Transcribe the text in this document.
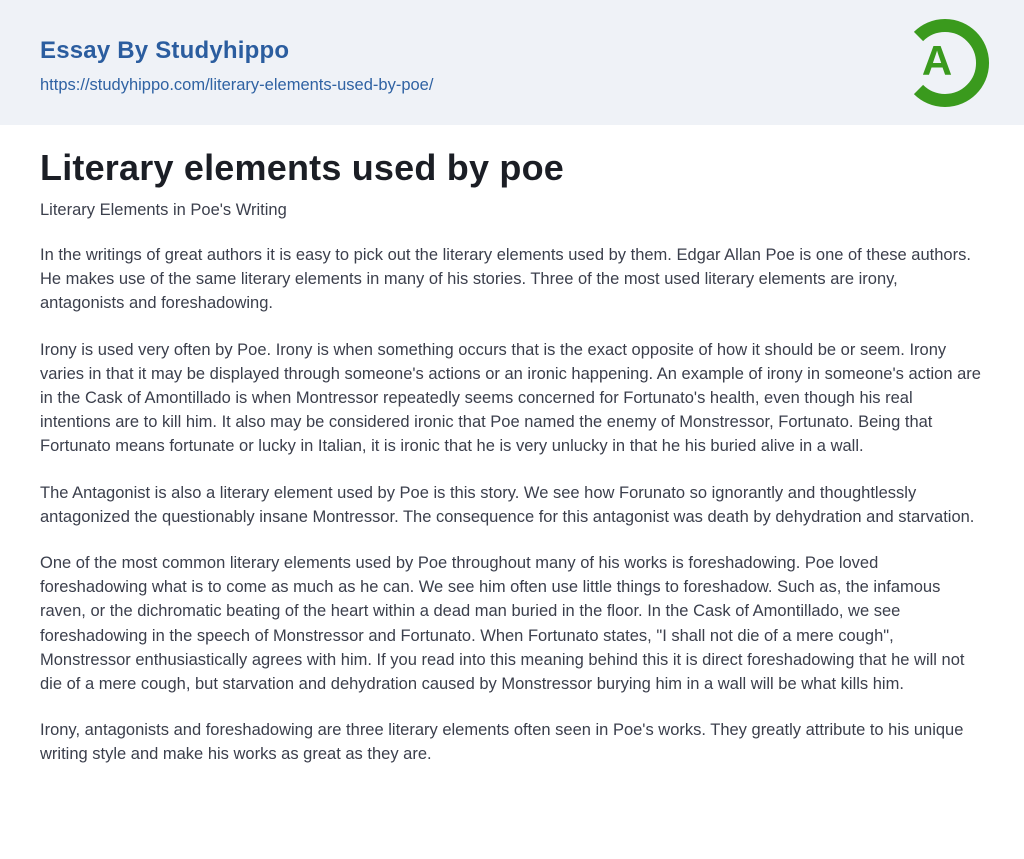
Essay By Studyhippo
https://studyhippo.com/literary-elements-used-by-poe/
A
Literary elements used by poe
Literary Elements in Poe's Writing

In the writings of great authors it is easy to pick out the literary elements used by them. Edgar Allan Poe is one of these authors. He makes use of the same literary elements in many of his stories. Three of the most used literary elements are irony, antagonists and foreshadowing.

Irony is used very often by Poe. Irony is when something occurs that is the exact opposite of how it should be or seem. Irony varies in that it may be displayed through someone's actions or an ironic happening. An example of irony in someone's action are in the Cask of Amontillado is when Montressor repeatedly seems concerned for Fortunato's health, even though his real intentions are to kill him. It also may be considered ironic that Poe named the enemy of Monstressor, Fortunato. Being that Fortunato means fortunate or lucky in Italian, it is ironic that he is very unlucky in that he his buried alive in a wall.

The Antagonist is also a literary element used by Poe is this story. We see how Forunato so ignorantly and thoughtlessly antagonized the questionably insane Montressor. The consequence for this antagonist was death by dehydration and starvation.

One of the most common literary elements used by Poe throughout many of his works is foreshadowing. Poe loved foreshadowing what is to come as much as he can. We see him often use little things to foreshadow. Such as, the infamous raven, or the dichromatic beating of the heart within a dead man buried in the floor. In the Cask of Amontillado, we see foreshadowing in the speech of Monstressor and Fortunato. When Fortunato states, "I shall not die of a mere cough", Monstressor enthusiastically agrees with him. If you read into this meaning behind this it is direct foreshadowing that he will not die of a mere cough, but starvation and dehydration caused by Monstressor burying him in a wall will be what kills him.

Irony, antagonists and foreshadowing are three literary elements often seen in Poe's works. They greatly attribute to his unique writing style and make his works as great as they are.
